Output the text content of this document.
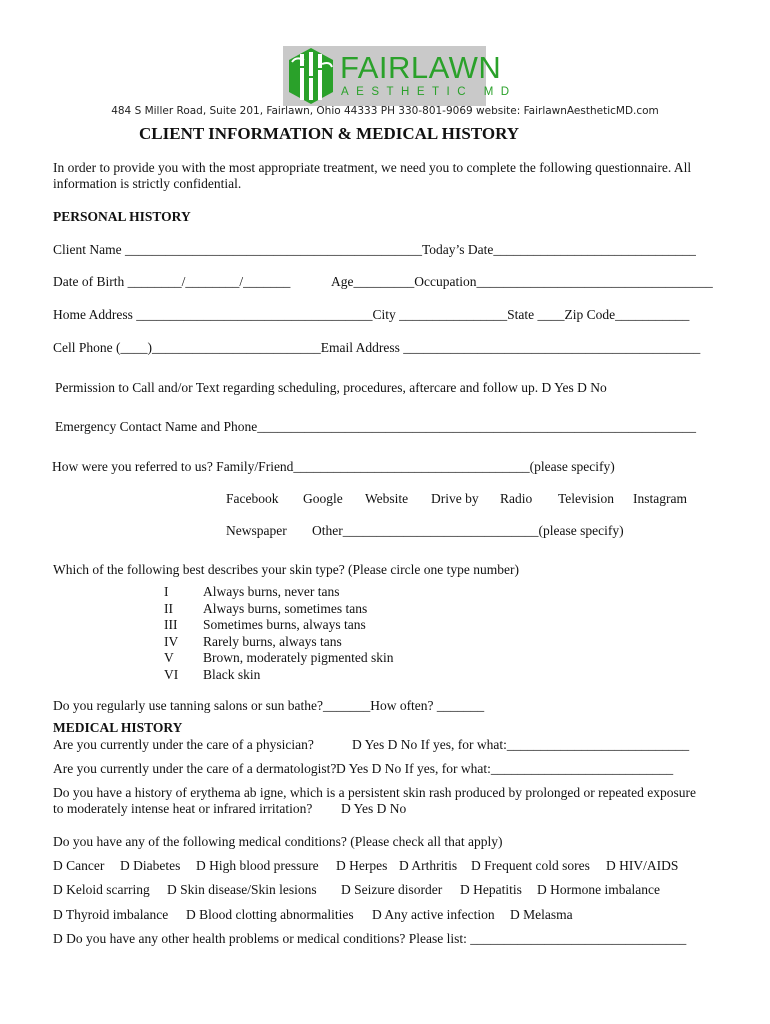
FAIRLAWN
AESTHETIC MD
484 S Miller Road, Suite 201, Fairlawn, Ohio 44333 PH 330-801-9069 website: FairlawnAestheticMD.com
CLIENT INFORMATION & MEDICAL HISTORY
In order to provide you with the most appropriate treatment, we need you to complete the following questionnaire. All information is strictly confidential.
PERSONAL HISTORY
Client Name ____________________________________________Today’s Date______________________________
Date of Birth ________/________/_______	Age_________Occupation___________________________________
Home Address ___________________________________City ________________State ____Zip Code___________
Cell Phone (____)_________________________Email Address ____________________________________________
Permission to Call and/or Text regarding scheduling, procedures, aftercare and follow up. D Yes D No
Emergency Contact Name and Phone_________________________________________________________________
How were you referred to us? Family/Friend___________________________________(please specify)
Facebook Google Website Drive by Radio Television Instagram
Newspaper Other_____________________________(please specify)
Which of the following best describes your skin type? (Please circle one type number)
I
II
III
IV
V
VI
Always burns, never tans
Always burns, sometimes tans
Sometimes burns, always tans
Rarely burns, always tans
Brown, moderately pigmented skin
Black skin
Do you regularly use tanning salons or sun bathe?_______How often? _______
MEDICAL HISTORY
Are you currently under the care of a physician?	D Yes D No If yes, for what:___________________________
Are you currently under the care of a dermatologist? D Yes D No If yes, for what:___________________________
Do you have a history of erythema ab igne, which is a persistent skin rash produced by prolonged or repeated exposure
to moderately intense heat or infrared irritation? D Yes D No
Do you have any of the following medical conditions? (Please check all that apply)
D Cancer D Diabetes D High blood pressure D Herpes D Arthritis D Frequent cold sores D HIV/AIDS
D Keloid scarring D Skin disease/Skin lesions D Seizure disorder D Hepatitis D Hormone imbalance
D Thyroid imbalance D Blood clotting abnormalities D Any active infection D Melasma
D Do you have any other health problems or medical conditions? Please list: ________________________________
